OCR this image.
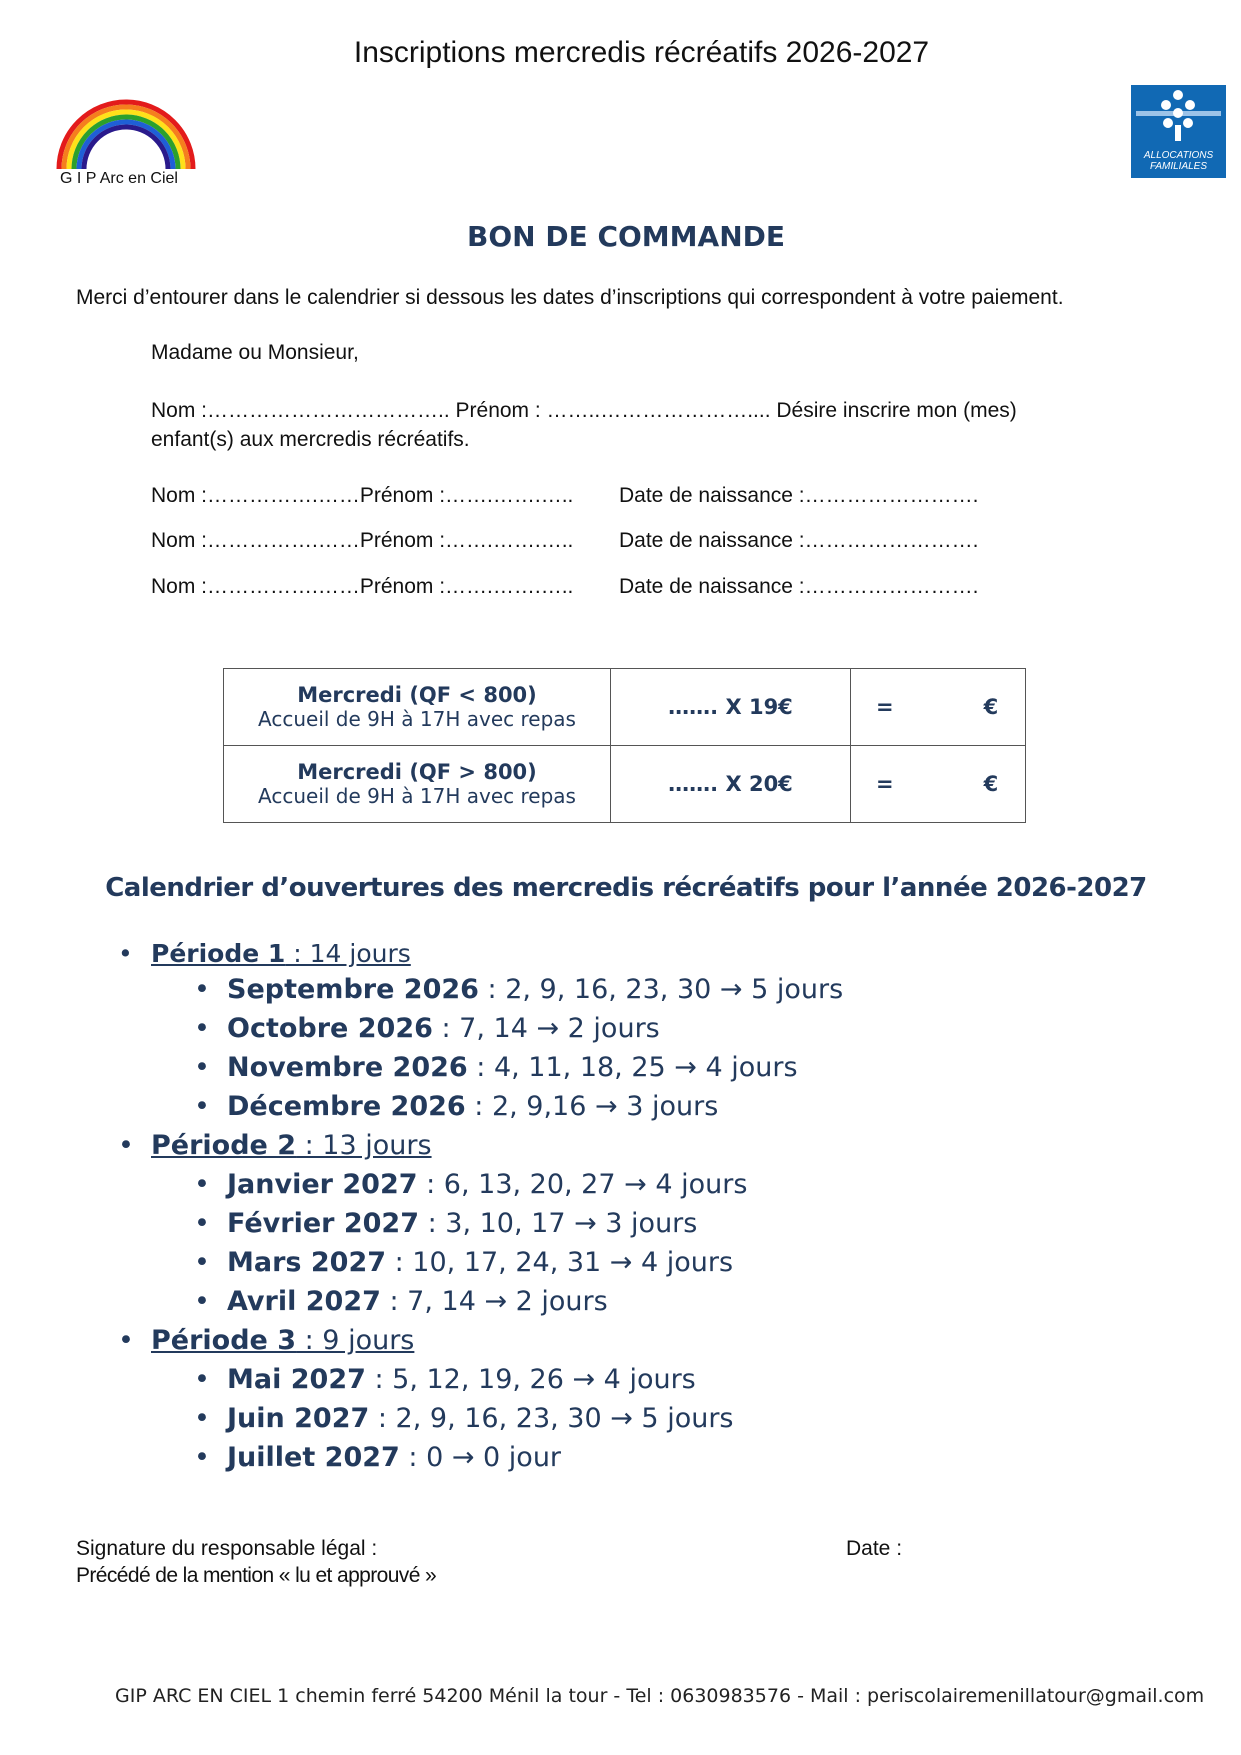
Inscriptions mercredis récréatifs 2026-2027
G I P Arc en Ciel
ALLOCATIONS FAMILIALES
BON DE COMMANDE
Merci d’entourer dans le calendrier si dessous les dates d’inscriptions qui correspondent à votre paiement.
Madame ou Monsieur,
Nom :…………………………….. Prénom : ……..………………….... Désire inscrire mon (mes)
enfant(s) aux mercredis récréatifs.
Nom :…………….……Prénom :…….…….….. Date de naissance :…………………….
Nom :…………….……Prénom :…….…….….. Date de naissance :…………………….
Nom :…………….……Prénom :…….…….….. Date de naissance :…………………….
Mercredi (QF < 800)
Accueil de 9H à 17H avec repas	……. X 19€	= €
Mercredi (QF > 800)
Accueil de 9H à 17H avec repas	……. X 20€	= €
Calendrier d’ouvertures des mercredis récréatifs pour l’année 2026-2027
• Période 1 : 14 jours
• Septembre 2026 : 2, 9, 16, 23, 30 → 5 jours
• Octobre 2026 : 7, 14 → 2 jours
• Novembre 2026 : 4, 11, 18, 25 → 4 jours
• Décembre 2026 : 2, 9,16 → 3 jours
• Période 2 : 13 jours
• Janvier 2027 : 6, 13, 20, 27 → 4 jours
• Février 2027 : 3, 10, 17 → 3 jours
• Mars 2027 : 10, 17, 24, 31 → 4 jours
• Avril 2027 : 7, 14 → 2 jours
• Période 3 : 9 jours
• Mai 2027 : 5, 12, 19, 26 → 4 jours
• Juin 2027 : 2, 9, 16, 23, 30 → 5 jours
• Juillet 2027 : 0 → 0 jour
Signature du responsable légal :
Précédé de la mention « lu et approuvé »
Date :
GIP ARC EN CIEL 1 chemin ferré 54200 Ménil la tour - Tel : 0630983576 - Mail : periscolairemenillatour@gmail.com
